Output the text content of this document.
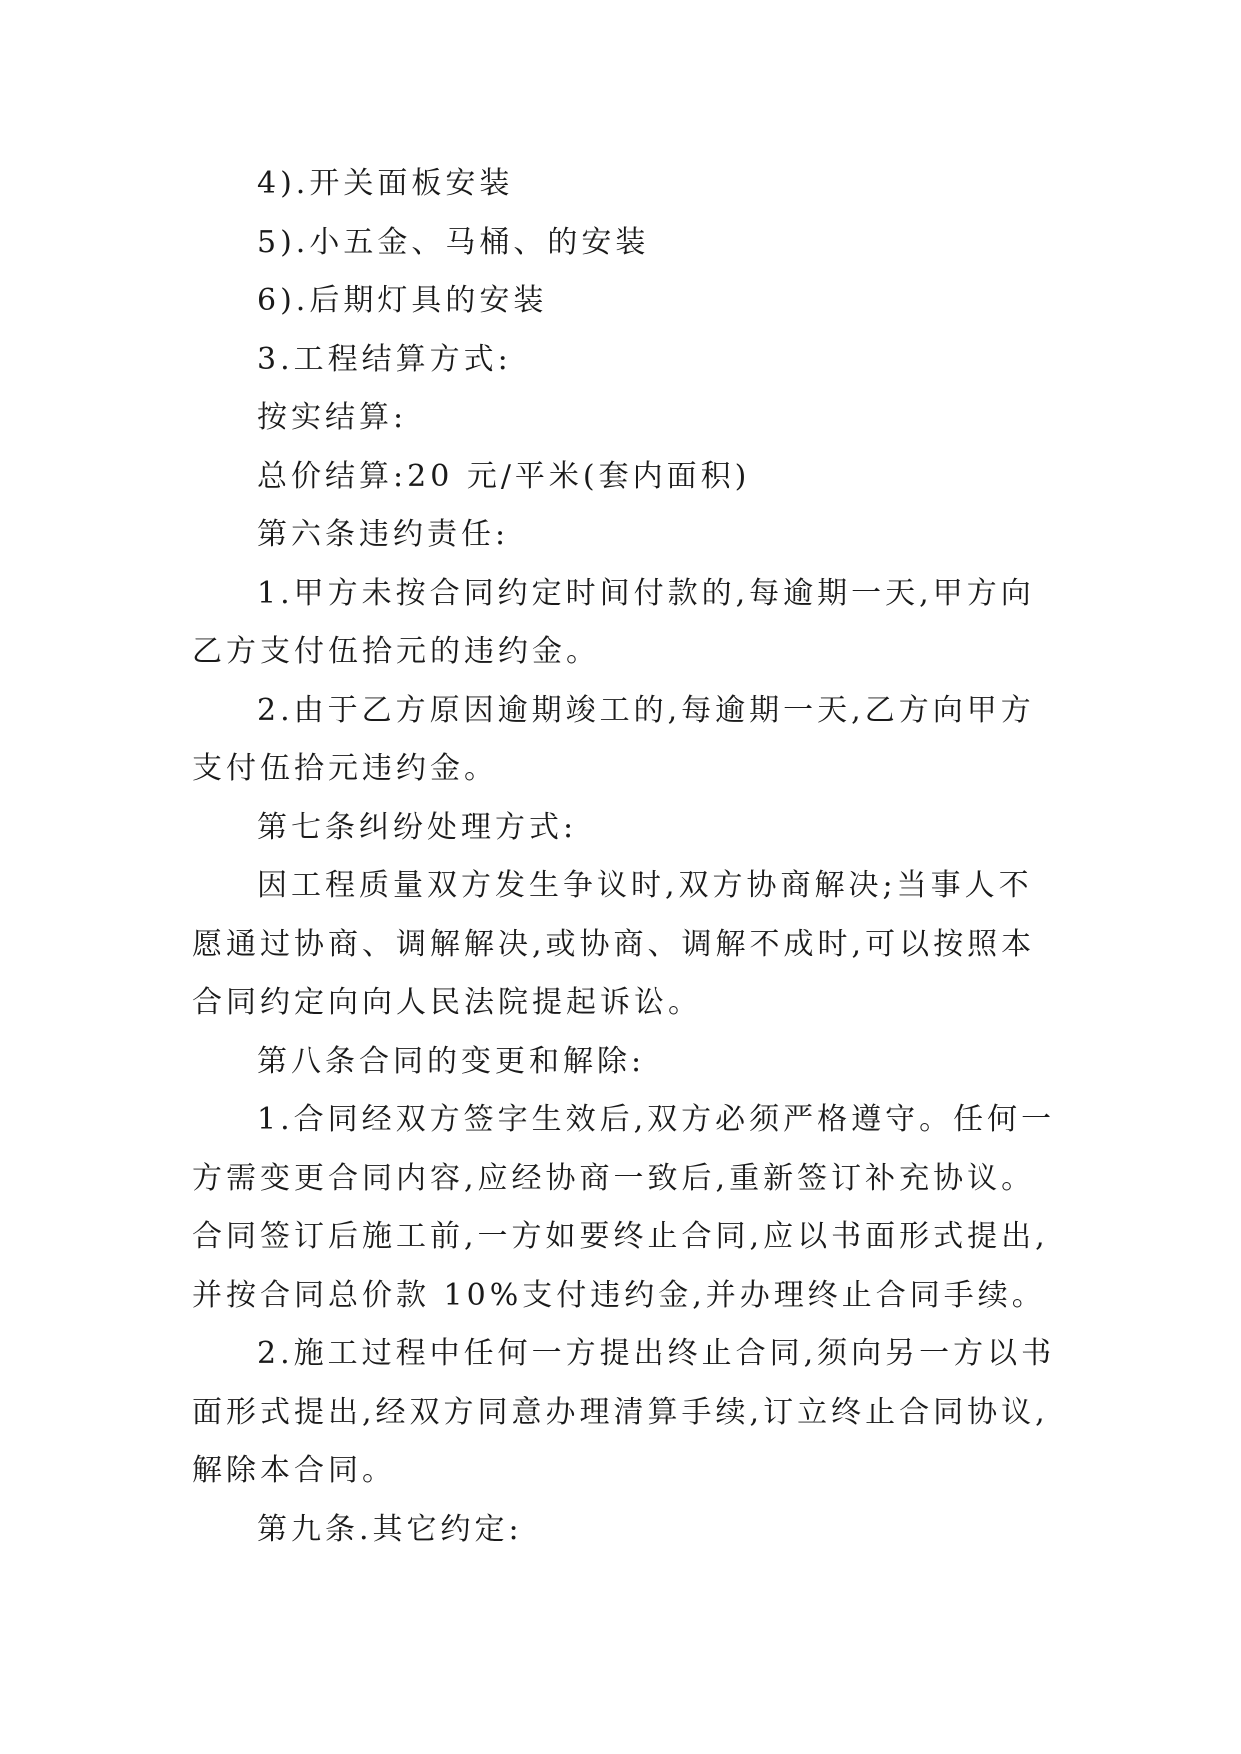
4).开关面板安装
5).小五金、马桶、的安装
6).后期灯具的安装
3.工程结算方式:
按实结算:
总价结算:20 元/平米(套内面积)
第六条违约责任:
1.甲方未按合同约定时间付款的,每逾期一天,甲方向
乙方支付伍拾元的违约金。
2.由于乙方原因逾期竣工的,每逾期一天,乙方向甲方
支付伍拾元违约金。
第七条纠纷处理方式:
因工程质量双方发生争议时,双方协商解决;当事人不
愿通过协商、调解解决,或协商、调解不成时,可以按照本
合同约定向向人民法院提起诉讼。
第八条合同的变更和解除:
1.合同经双方签字生效后,双方必须严格遵守。任何一
方需变更合同内容,应经协商一致后,重新签订补充协议。
合同签订后施工前,一方如要终止合同,应以书面形式提出,
并按合同总价款 10%支付违约金,并办理终止合同手续。
2.施工过程中任何一方提出终止合同,须向另一方以书
面形式提出,经双方同意办理清算手续,订立终止合同协议,
解除本合同。
第九条.其它约定:
